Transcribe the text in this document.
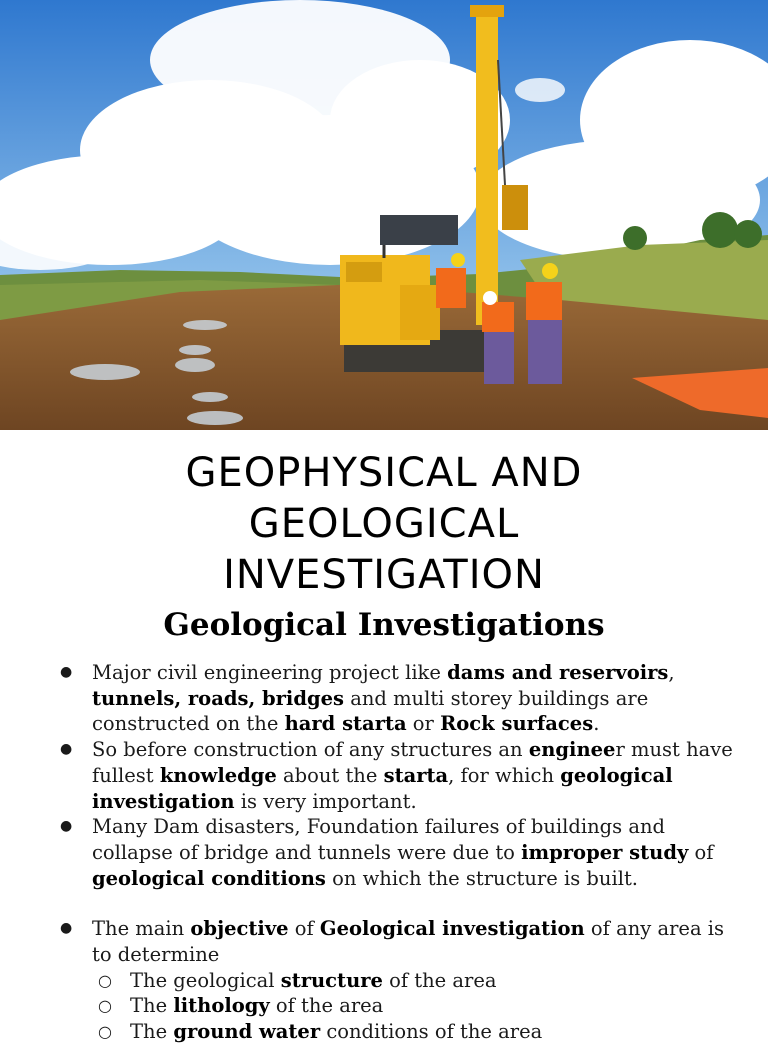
GEOPHYSICAL AND GEOLOGICAL INVESTIGATION
Geological Investigations
● Major civil engineering project like dams and reservoirs, tunnels, roads, bridges and multi storey buildings are constructed on the hard starta or Rock surfaces.
● So before construction of any structures an engineer must have fullest knowledge about the starta, for which geological investigation is very important.
● Many Dam disasters, Foundation failures of buildings and collapse of bridge and tunnels were due to improper study of geological conditions on which the structure is built.
● The main objective of Geological investigation of any area is to determine
○ The geological structure of the area
○ The lithology of the area
○ The ground water conditions of the area
